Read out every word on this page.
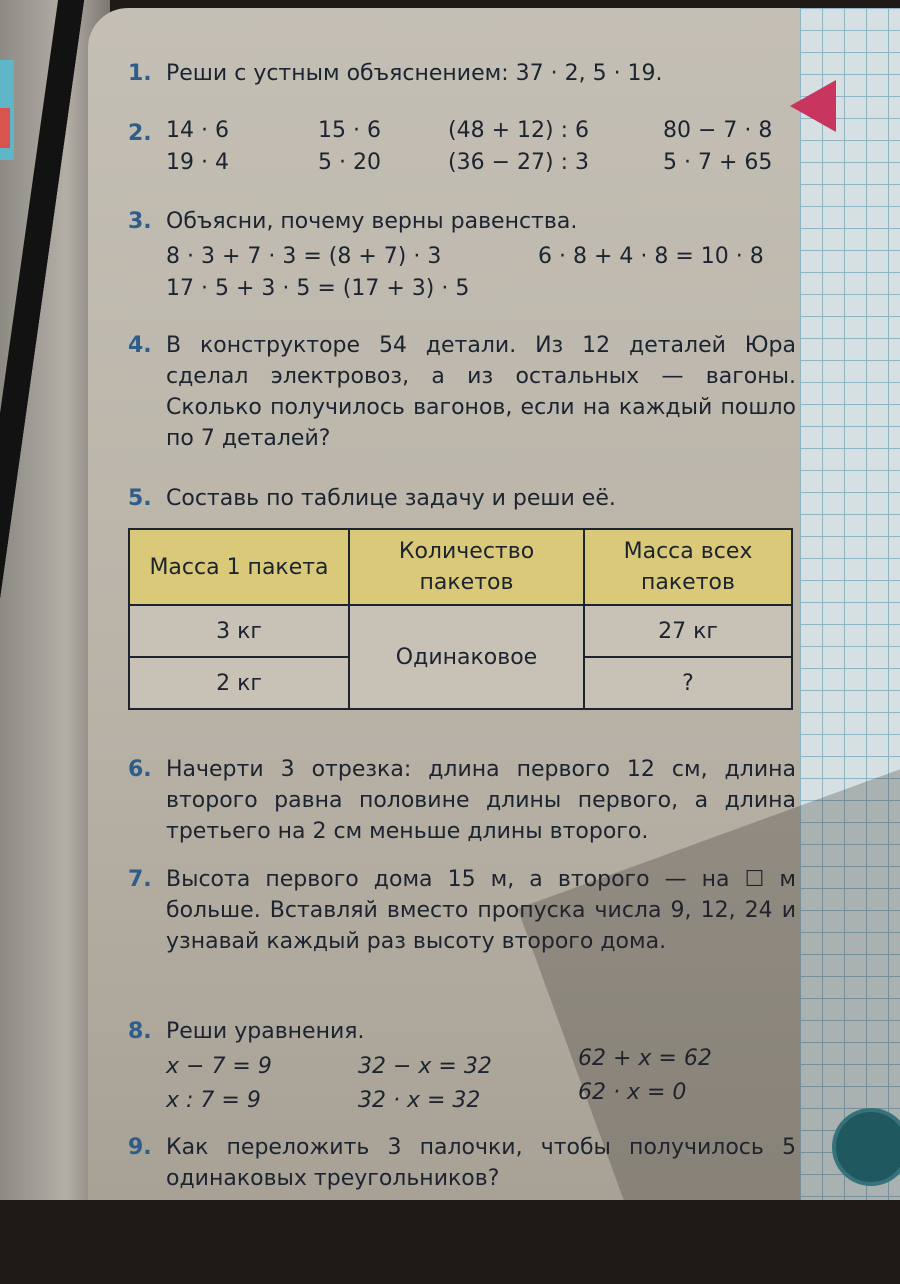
1. Реши с устным объяснением: 37 · 2, 5 · 19.
2. 14 · 6	15 · 6	(48 + 12) : 6	80 − 7 · 8
19 · 4	5 · 20	(36 − 27) : 3	5 · 7 + 65
3. Объясни, почему верны равенства.
8 · 3 + 7 · 3 = (8 + 7) · 3	6 · 8 + 4 · 8 = 10 · 8
17 · 5 + 3 · 5 = (17 + 3) · 5
4. В конструкторе 54 детали. Из 12 деталей Юра сделал электровоз, а из остальных — вагоны. Сколько получилось вагонов, если на каждый пошло по 7 деталей?
5. Составь по таблице задачу и реши её.
Масса 1 пакета	Количество пакетов	Масса всех пакетов
3 кг	Одинаковое	27 кг
2 кг		?
6. Начерти 3 отрезка: длина первого 12 см, длина второго равна половине длины первого, а длина третьего на 2 см меньше длины второго.
7. Высота первого дома 15 м, а второго — на ☐ м больше. Вставляй вместо пропуска числа 9, 12, 24 и узнавай каждый раз высоту второго дома.
8. Реши уравнения.
x − 7 = 9	32 − x = 32	62 + x = 62
x : 7 = 9	32 · x = 32	62 · x = 0
9. Как переложить 3 палочки, чтобы получилось 5 одинаковых треугольников?
